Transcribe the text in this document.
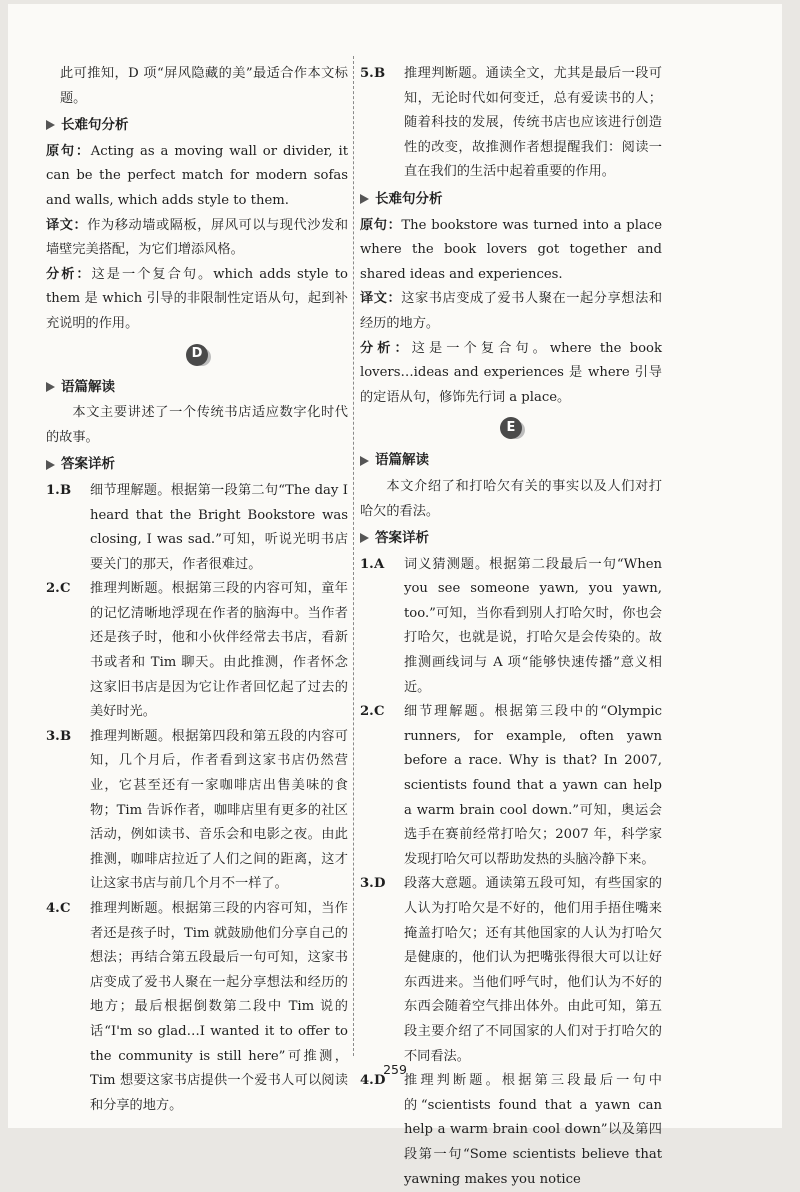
此可推知，D 项“屏风隐藏的美”最适合作本文标题。

长难句分析

原句：Acting as a moving wall or divider, it can be the perfect match for modern sofas and walls, which adds style to them.

译文：作为移动墙或隔板，屏风可以与现代沙发和墙壁完美搭配，为它们增添风格。

分析：这是一个复合句。which adds style to them 是 which 引导的非限制性定语从句，起到补充说明的作用。

D
语篇解读

本文主要讲述了一个传统书店适应数字化时代的故事。

答案详析
1. B	细节理解题。根据第一段第二句“The day I heard that the Bright Bookstore was closing, I was sad.”可知，听说光明书店要关门的那天，作者很难过。
2. C	推理判断题。根据第三段的内容可知，童年的记忆清晰地浮现在作者的脑海中。当作者还是孩子时，他和小伙伴经常去书店，看新书或者和 Tim 聊天。由此推测，作者怀念这家旧书店是因为它让作者回忆起了过去的美好时光。
3. B	推理判断题。根据第四段和第五段的内容可知，几个月后，作者看到这家书店仍然营业，它甚至还有一家咖啡店出售美味的食物；Tim 告诉作者，咖啡店里有更多的社区活动，例如读书、音乐会和电影之夜。由此推测，咖啡店拉近了人们之间的距离，这才让这家书店与前几个月不一样了。
4. C	推理判断题。根据第三段的内容可知，当作者还是孩子时，Tim 就鼓励他们分享自己的想法；再结合第五段最后一句可知，这家书店变成了爱书人聚在一起分享想法和经历的地方；最后根据倒数第二段中 Tim 说的话“I'm so glad…I wanted it to offer to the community is still here”可推测，Tim 想要这家书店提供一个爱书人可以阅读和分享的地方。
5. B	推理判断题。通读全文，尤其是最后一段可知，无论时代如何变迁，总有爱读书的人；随着科技的发展，传统书店也应该进行创造性的改变，故推测作者想提醒我们：阅读一直在我们的生活中起着重要的作用。
长难句分析

原句：The bookstore was turned into a place where the book lovers got together and shared ideas and experiences.

译文：这家书店变成了爱书人聚在一起分享想法和经历的地方。

分析：这是一个复合句。where the book lovers…ideas and experiences 是 where 引导的定语从句，修饰先行词 a place。

E
语篇解读

本文介绍了和打哈欠有关的事实以及人们对打哈欠的看法。

答案详析
1. A	词义猜测题。根据第二段最后一句“When you see someone yawn, you yawn, too.”可知，当你看到别人打哈欠时，你也会打哈欠，也就是说，打哈欠是会传染的。故推测画线词与 A 项“能够快速传播”意义相近。
2. C	细节理解题。根据第三段中的“Olympic runners, for example, often yawn before a race. Why is that? In 2007, scientists found that a yawn can help a warm brain cool down.”可知，奥运会选手在赛前经常打哈欠；2007 年，科学家发现打哈欠可以帮助发热的头脑冷静下来。
3. D	段落大意题。通读第五段可知，有些国家的人认为打哈欠是不好的，他们用手捂住嘴来掩盖打哈欠；还有其他国家的人认为打哈欠是健康的，他们认为把嘴张得很大可以让好东西进来。当他们呼气时，他们认为不好的东西会随着空气排出体外。由此可知，第五段主要介绍了不同国家的人们对于打哈欠的不同看法。
4. D	推理判断题。根据第三段最后一句中的“scientists found that a yawn can help a warm brain cool down”以及第四段第一句“Some scientists believe that yawning makes you notice
259
